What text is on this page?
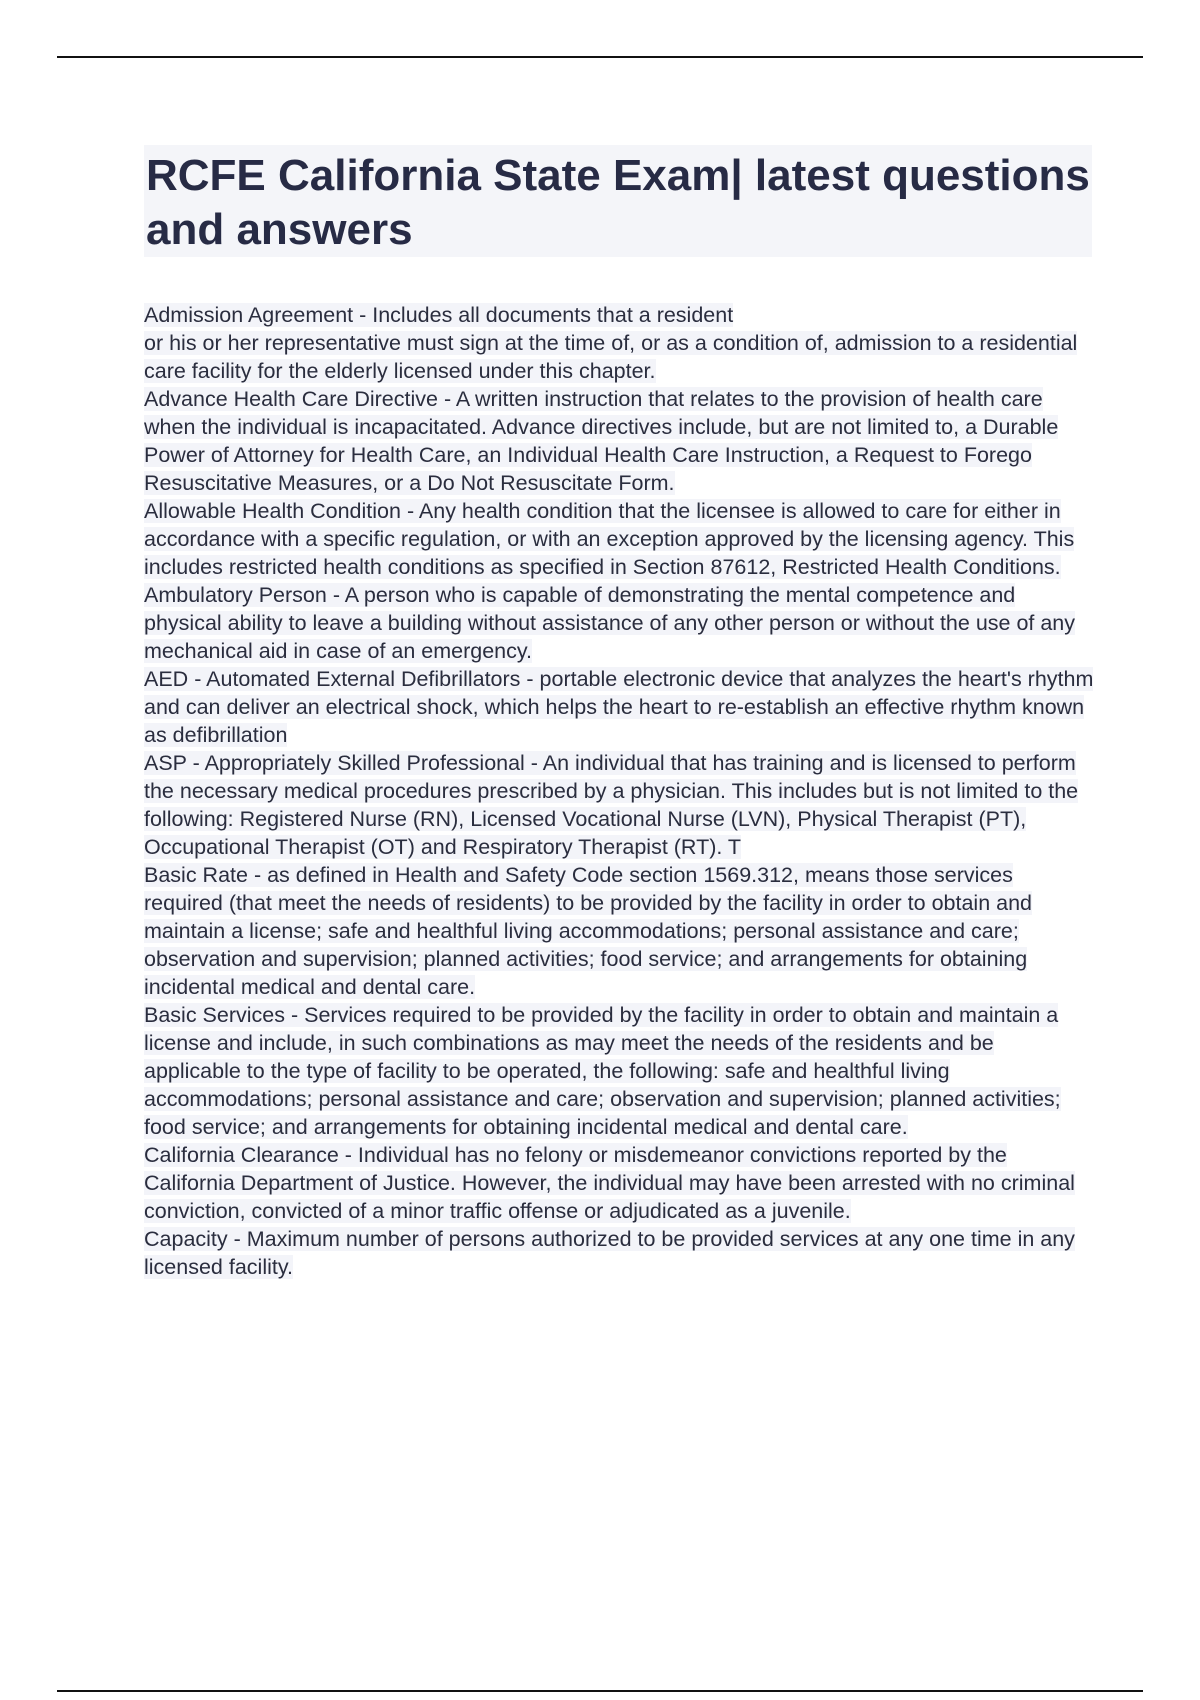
RCFE California State Exam| latest questions and answers

Admission Agreement - Includes all documents that a resident
or his or her representative must sign at the time of, or as a condition of, admission to a residential care facility for the elderly licensed under this chapter.

Advance Health Care Directive - A written instruction that relates to the provision of health care when the individual is incapacitated. Advance directives include, but are not limited to, a Durable Power of Attorney for Health Care, an Individual Health Care Instruction, a Request to Forego Resuscitative Measures, or a Do Not Resuscitate Form.

Allowable Health Condition - Any health condition that the licensee is allowed to care for either in accordance with a specific regulation, or with an exception approved by the licensing agency. This includes restricted health conditions as specified in Section 87612, Restricted Health Conditions.

Ambulatory Person - A person who is capable of demonstrating the mental competence and physical ability to leave a building without assistance of any other person or without the use of any mechanical aid in case of an emergency.

AED - Automated External Defibrillators - portable electronic device that analyzes the heart's rhythm and can deliver an electrical shock, which helps the heart to re-establish an effective rhythm known as defibrillation

ASP - Appropriately Skilled Professional - An individual that has training and is licensed to perform the necessary medical procedures prescribed by a physician. This includes but is not limited to the following: Registered Nurse (RN), Licensed Vocational Nurse (LVN), Physical Therapist (PT), Occupational Therapist (OT) and Respiratory Therapist (RT). T

Basic Rate - as defined in Health and Safety Code section 1569.312, means those services required (that meet the needs of residents) to be provided by the facility in order to obtain and maintain a license; safe and healthful living accommodations; personal assistance and care; observation and supervision; planned activities; food service; and arrangements for obtaining incidental medical and dental care.

Basic Services - Services required to be provided by the facility in order to obtain and maintain a license and include, in such combinations as may meet the needs of the residents and be applicable to the type of facility to be operated, the following: safe and healthful living accommodations; personal assistance and care; observation and supervision; planned activities; food service; and arrangements for obtaining incidental medical and dental care.

California Clearance - Individual has no felony or misdemeanor convictions reported by the California Department of Justice. However, the individual may have been arrested with no criminal conviction, convicted of a minor traffic offense or adjudicated as a juvenile.

Capacity - Maximum number of persons authorized to be provided services at any one time in any licensed facility.
